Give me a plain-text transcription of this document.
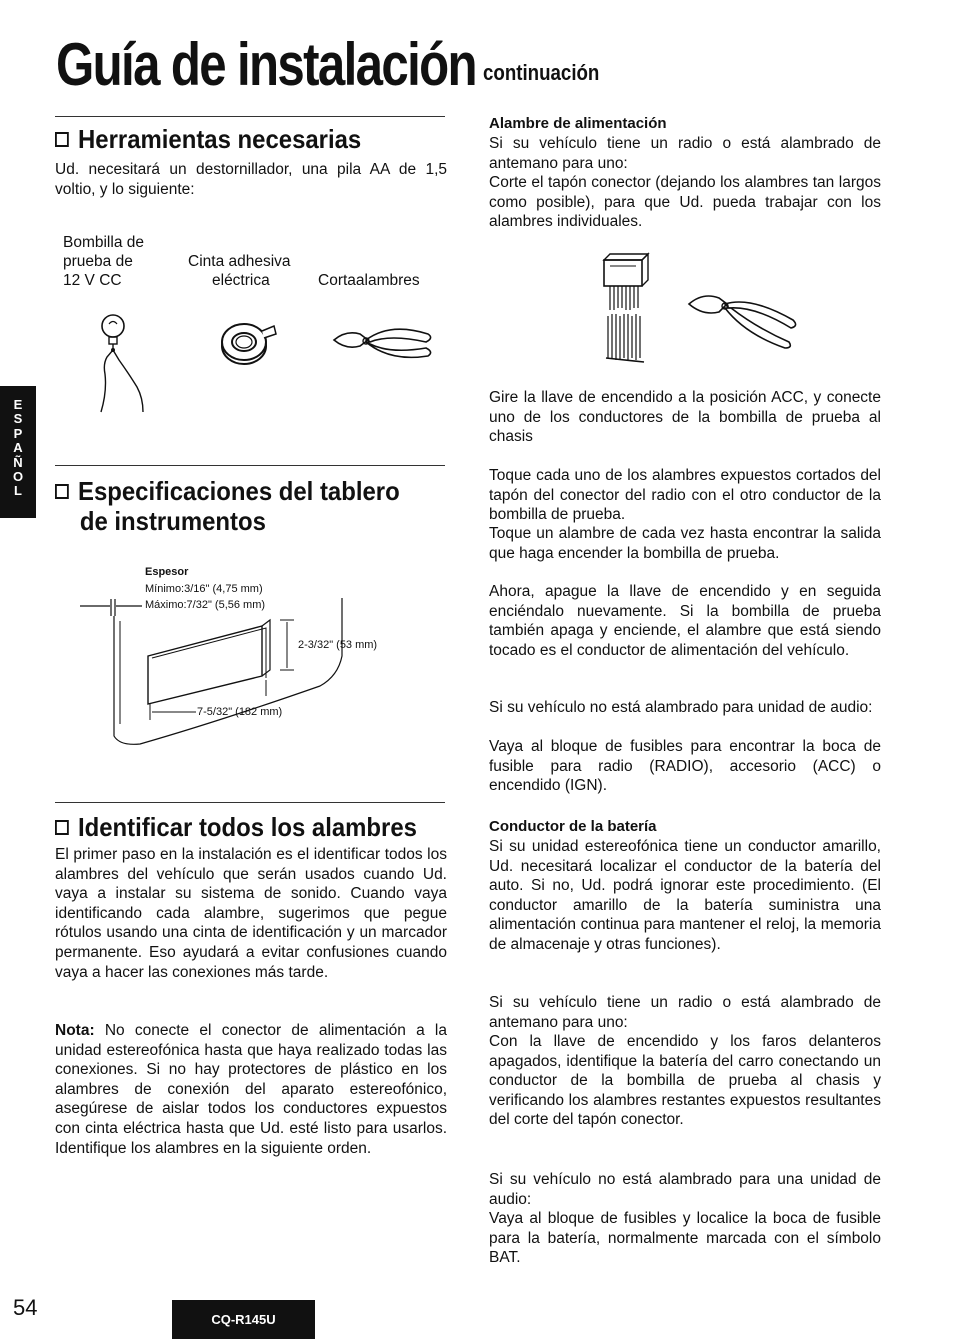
Guía de instalación continuación
E
S
P
A
Ñ
O
L
Herramientas necesarias
Ud. necesitará un destornillador, una pila AA de 1,5 voltio, y lo siguiente:
Bombilla de
prueba de
12 V CC
Cinta adhesiva
eléctrica	Cortaalambres
Especificaciones del tablero
de instrumentos
Espesor
Mínimo:3/16" (4,75 mm)
Máximo:7/32" (5,56 mm)
2-3/32" (53 mm)
7-5/32" (182 mm)
Identificar todos los alambres
El primer paso en la instalación es el identificar todos los alambres del vehículo que serán usados cuando Ud. vaya a instalar su sistema de sonido. Cuando vaya identificando cada alambre, sugerimos que pegue rótulos usando una cinta de identificación y un marcador permanente. Eso ayudará a evitar confusiones cuando vaya a hacer las conexiones más tarde.
Nota: No conecte el conector de alimentación a la unidad estereofónica hasta que haya realizado todas las conexiones. Si no hay protectores de plástico en los alambres de conexión del aparato estereofónico, asegúrese de aislar todos los conductores expuestos con cinta eléctrica hasta que Ud. esté listo para usarlos. Identifique los alambres en la siguiente orden.
Alambre de alimentación
Si su vehículo tiene un radio o está alambrado de antemano para uno:
Corte el tapón conector (dejando los alambres tan largos como posible), para que Ud. pueda trabajar con los alambres individuales.
Gire la llave de encendido a la posición ACC, y conecte uno de los conductores de la bombilla de prueba al chasis
Toque cada uno de los alambres expuestos cortados del tapón del conector del radio con el otro conductor de la bombilla de prueba.
Toque un alambre de cada vez hasta encontrar la salida que haga encender la bombilla de prueba.
Ahora, apague la llave de encendido y en seguida enciéndalo nuevamente. Si la bombilla de prueba también apaga y enciende, el alambre que está siendo tocado es el conductor de alimentación del vehículo.
Si su vehículo no está alambrado para unidad de audio:
Vaya al bloque de fusibles para encontrar la boca de fusible para radio (RADIO), accesorio (ACC) o encendido (IGN).
Conductor de la batería
Si su unidad estereofónica tiene un conductor amarillo, Ud. necesitará localizar el conductor de la batería del auto. Si no, Ud. podrá ignorar este procedimiento. (El conductor amarillo de la batería suministra una alimentación continua para mantener el reloj, la memoria de almacenaje y otras funciones).
Si su vehículo tiene un radio o está alambrado de antemano para uno:
Con la llave de encendido y los faros delanteros apagados, identifique la batería del carro conectando un conductor de la bombilla de prueba al chasis y verificando los alambres restantes expuestos resultantes del corte del tapón conector.
Si su vehículo no está alambrado para una unidad de audio:
Vaya al bloque de fusibles y localice la boca de fusible para la batería, normalmente marcada con el símbolo BAT.
54	CQ-R145U
